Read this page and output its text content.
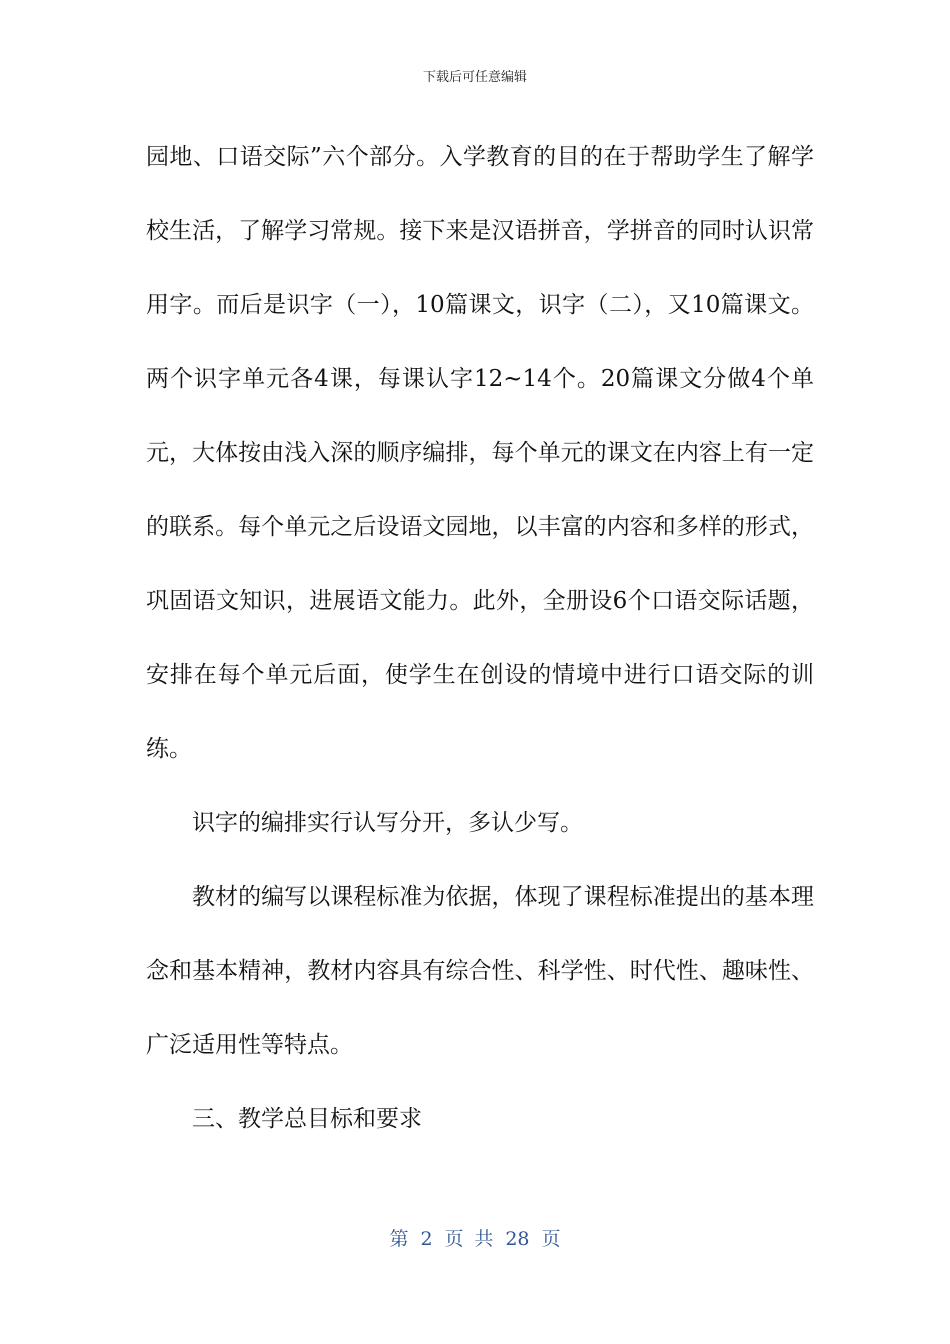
下载后可任意编辑

园地、口语交际”六个部分。入学教育的目的在于帮助学生了解学校生活，了解学习常规。接下来是汉语拼音，学拼音的同时认识常用字。而后是识字（一），10篇课文，识字（二），又10篇课文。两个识字单元各4课，每课认字12~14个。20篇课文分做4个单元，大体按由浅入深的顺序编排，每个单元的课文在内容上有一定的联系。每个单元之后设语文园地，以丰富的内容和多样的形式，巩固语文知识，进展语文能力。此外，全册设6个口语交际话题，安排在每个单元后面，使学生在创设的情境中进行口语交际的训练。

识字的编排实行认写分开，多认少写。

教材的编写以课程标准为依据，体现了课程标准提出的基本理念和基本精神，教材内容具有综合性、科学性、时代性、趣味性、广泛适用性等特点。

三、教学总目标和要求

第 2 页 共 28 页
